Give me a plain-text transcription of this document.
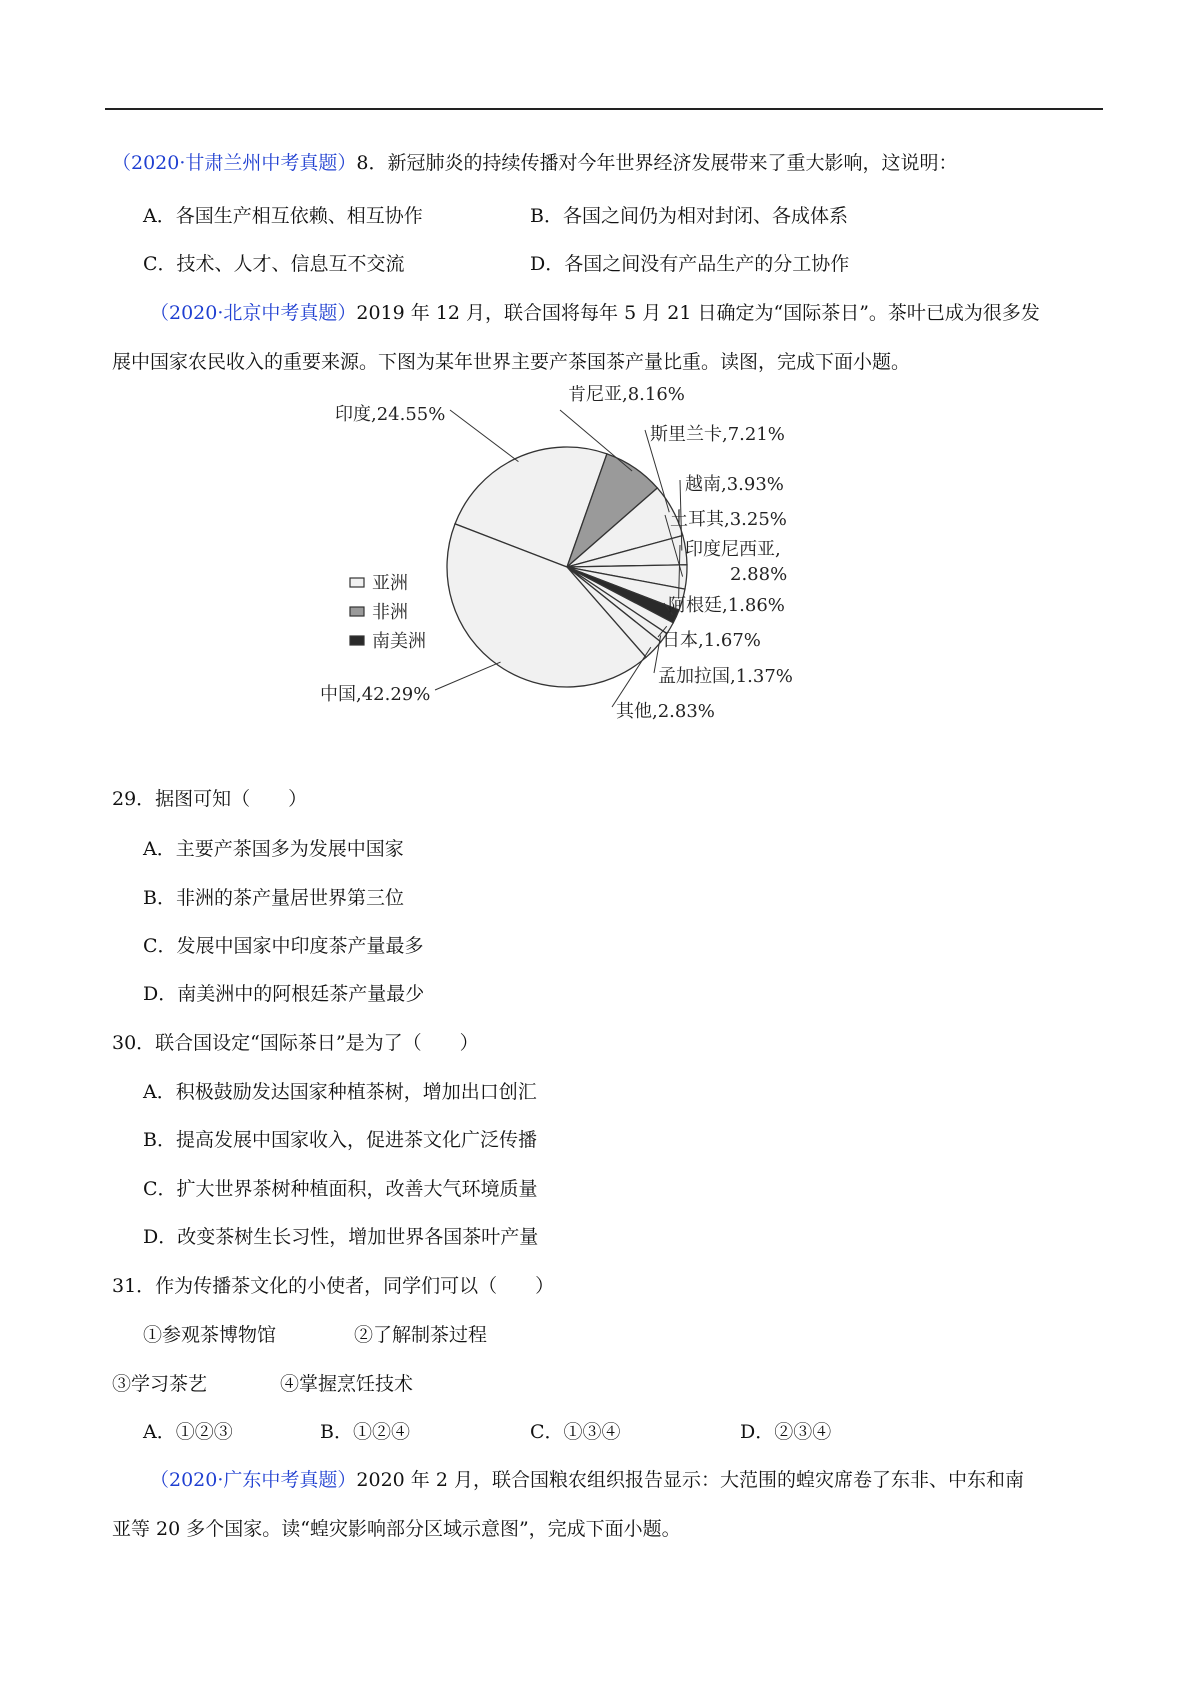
（2020·甘肃兰州中考真题）8．新冠肺炎的持续传播对今年世界经济发展带来了重大影响，这说明：
A．各国生产相互依赖、相互协作	B．各国之间仍为相对封闭、各成体系
C．技术、人才、信息互不交流	D．各国之间没有产品生产的分工协作
（2020·北京中考真题）2019 年 12 月，联合国将每年 5 月 21 日确定为“国际茶日”。茶叶已成为很多发
展中国家农民收入的重要来源。下图为某年世界主要产茶国茶产量比重。读图，完成下面小题。
印度,24.55%
肯尼亚,8.16%
斯里兰卡,7.21%
越南,3.93%
土耳其,3.25%
印度尼西亚,
2.88%
阿根廷,1.86%
日本,1.67%
孟加拉国,1.37%
其他,2.83%
中国,42.29%
亚洲
非洲
南美洲
29．据图可知（　　）
A．主要产茶国多为发展中国家
B．非洲的茶产量居世界第三位
C．发展中国家中印度茶产量最多
D．南美洲中的阿根廷茶产量最少
30．联合国设定“国际茶日”是为了（　　）
A．积极鼓励发达国家种植茶树，增加出口创汇
B．提高发展中国家收入，促进茶文化广泛传播
C．扩大世界茶树种植面积，改善大气环境质量
D．改变茶树生长习性，增加世界各国茶叶产量
31．作为传播茶文化的小使者，同学们可以（　　）
①参观茶博物馆	②了解制茶过程
③学习茶艺	④掌握烹饪技术
A．①②③	B．①②④	C．①③④	D．②③④
（2020·广东中考真题）2020 年 2 月，联合国粮农组织报告显示：大范围的蝗灾席卷了东非、中东和南
亚等 20 多个国家。读“蝗灾影响部分区域示意图”，完成下面小题。
